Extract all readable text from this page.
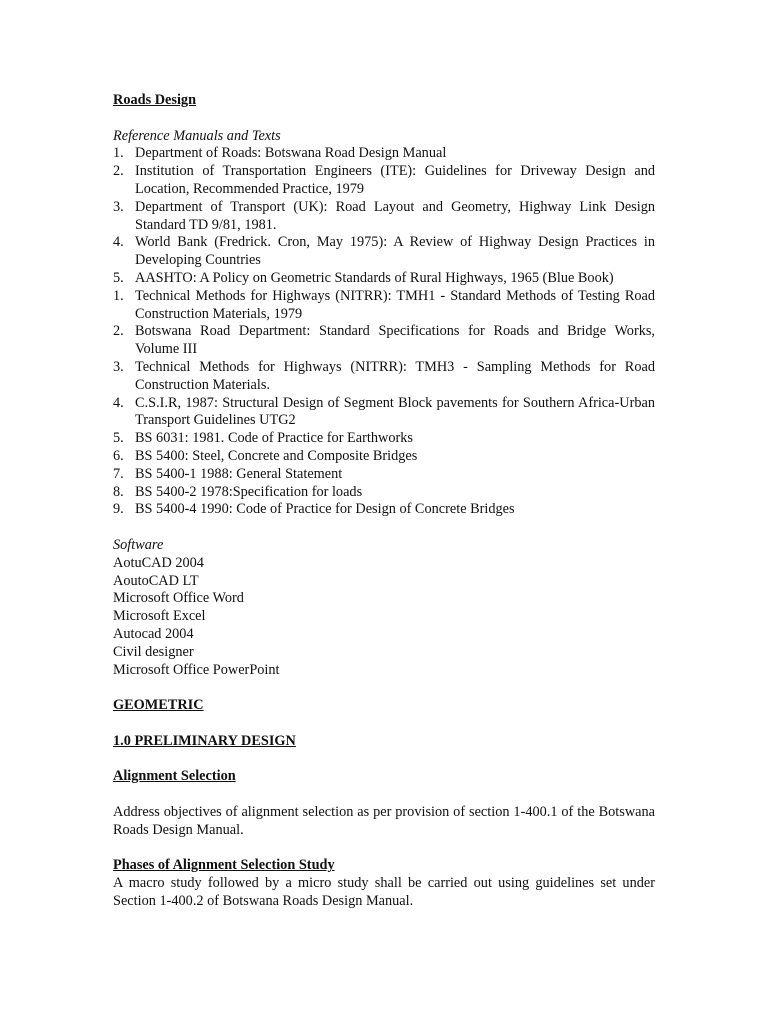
Roads Design
Reference Manuals and Texts
1. Department of Roads: Botswana Road Design Manual
2. Institution of Transportation Engineers (ITE): Guidelines for Driveway Design and Location, Recommended Practice, 1979
3. Department of Transport (UK): Road Layout and Geometry, Highway Link Design Standard TD 9/81, 1981.
4. World Bank (Fredrick. Cron, May 1975): A Review of Highway Design Practices in Developing Countries
5. AASHTO: A Policy on Geometric Standards of Rural Highways, 1965 (Blue Book)
1. Technical Methods for Highways (NITRR): TMH1 - Standard Methods of Testing Road Construction Materials, 1979
2. Botswana Road Department: Standard Specifications for Roads and Bridge Works, Volume III
3. Technical Methods for Highways (NITRR): TMH3 - Sampling Methods for Road Construction Materials.
4. C.S.I.R, 1987: Structural Design of Segment Block pavements for Southern Africa-Urban Transport Guidelines UTG2
5. BS 6031: 1981. Code of Practice for Earthworks
6. BS 5400: Steel, Concrete and Composite Bridges
7. BS 5400-1 1988: General Statement
8. BS 5400-2 1978:Specification for loads
9. BS 5400-4 1990: Code of Practice for Design of Concrete Bridges
Software
AotuCAD 2004
AoutoCAD LT
Microsoft Office Word
Microsoft Excel
Autocad 2004
Civil designer
Microsoft Office PowerPoint
GEOMETRIC
1.0 PRELIMINARY DESIGN
Alignment Selection

Address objectives of alignment selection as per provision of section 1-400.1 of the Botswana Roads Design Manual.

Phases of Alignment Selection Study

A macro study followed by a micro study shall be carried out using guidelines set under Section 1-400.2 of Botswana Roads Design Manual.
